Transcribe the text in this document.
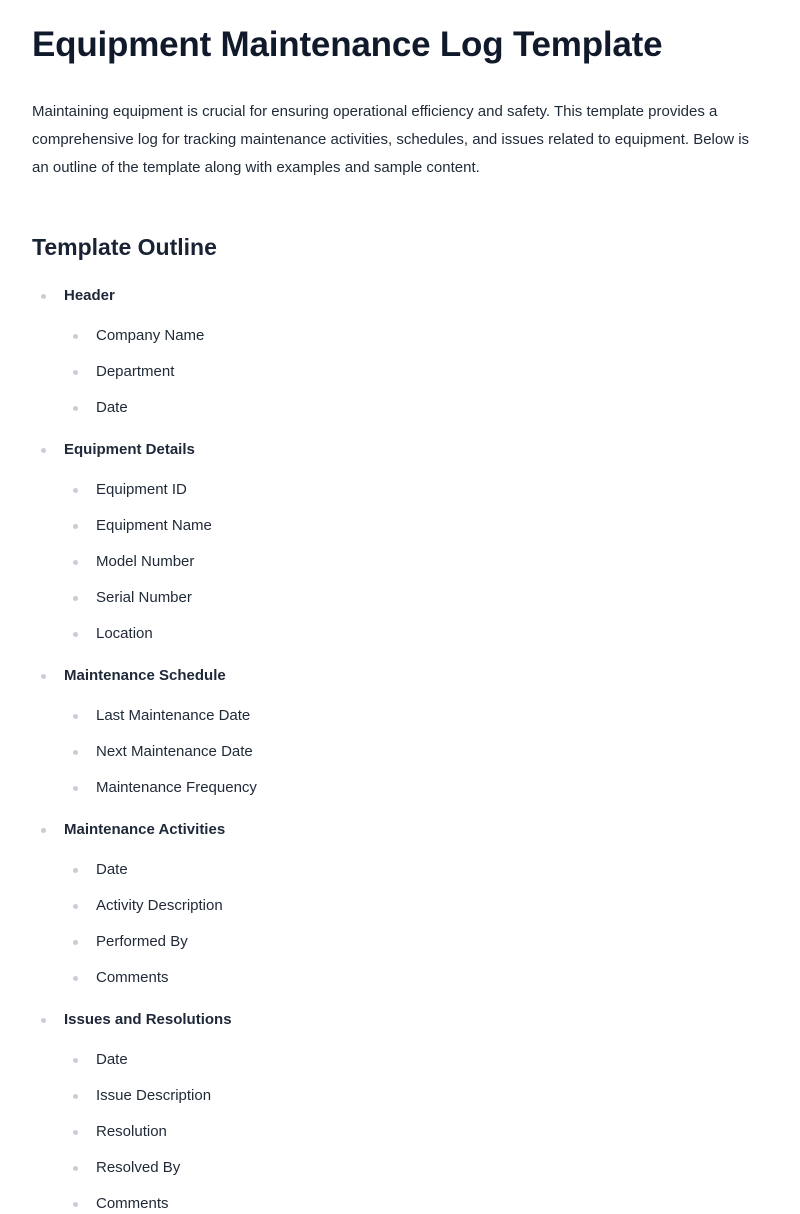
Equipment Maintenance Log Template

Maintaining equipment is crucial for ensuring operational efficiency and safety. This template provides a comprehensive log for tracking maintenance activities, schedules, and issues related to equipment. Below is an outline of the template along with examples and sample content.

Template Outline
Header
Company Name
Department
Date
Equipment Details
Equipment ID
Equipment Name
Model Number
Serial Number
Location
Maintenance Schedule
Last Maintenance Date
Next Maintenance Date
Maintenance Frequency
Maintenance Activities
Date
Activity Description
Performed By
Comments
Issues and Resolutions
Date
Issue Description
Resolution
Resolved By
Comments
